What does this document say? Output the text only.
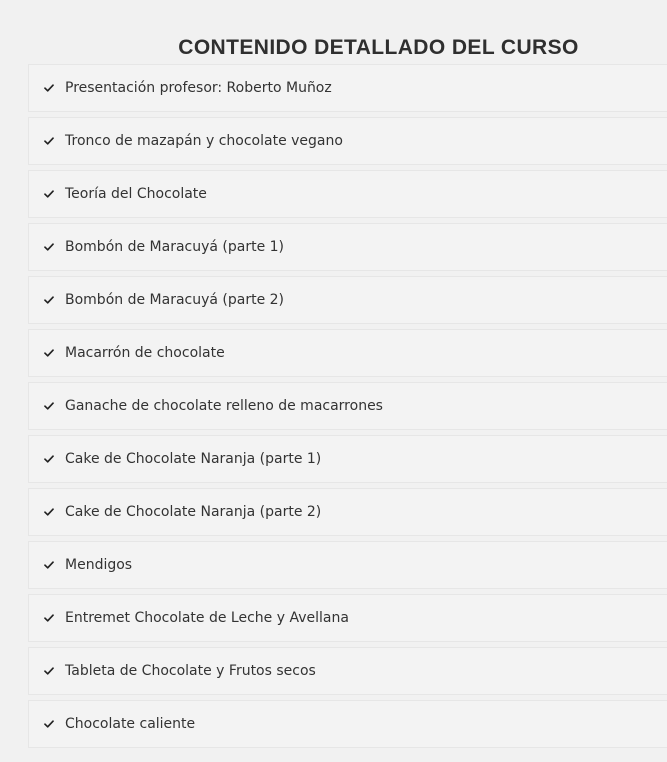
CONTENIDO DETALLADO DEL CURSO
Presentación profesor: Roberto Muñoz
Tronco de mazapán y chocolate vegano
Teoría del Chocolate
Bombón de Maracuyá (parte 1)
Bombón de Maracuyá (parte 2)
Macarrón de chocolate
Ganache de chocolate relleno de macarrones
Cake de Chocolate Naranja (parte 1)
Cake de Chocolate Naranja (parte 2)
Mendigos
Entremet Chocolate de Leche y Avellana
Tableta de Chocolate y Frutos secos
Chocolate caliente
